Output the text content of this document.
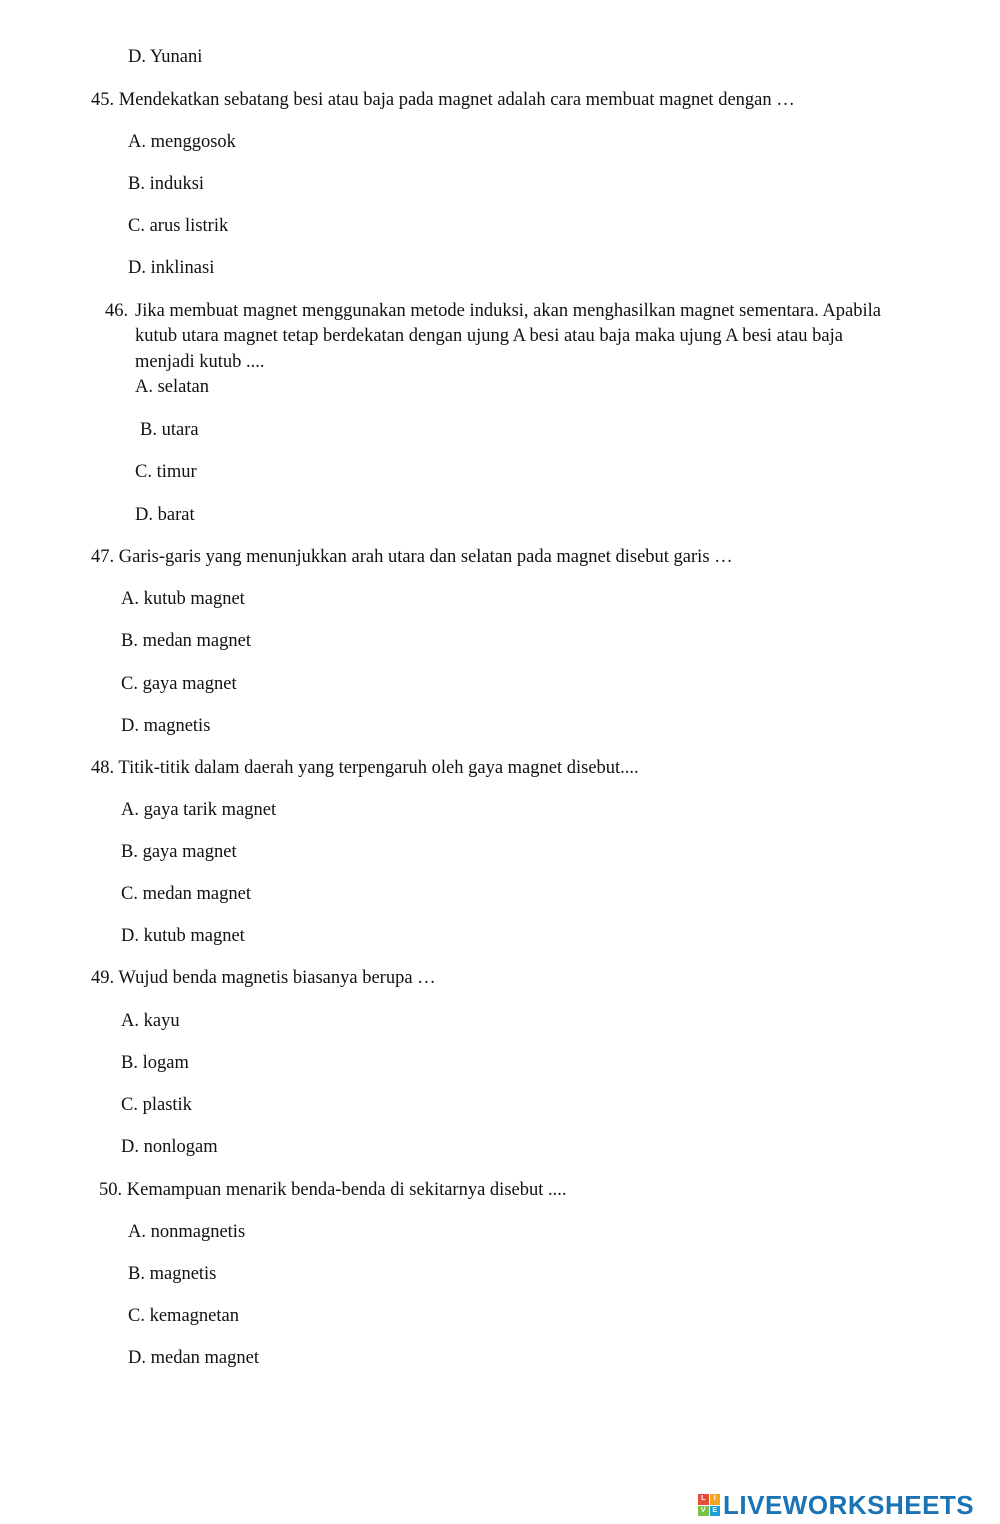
D. Yunani
45. Mendekatkan sebatang besi atau baja pada magnet adalah cara membuat magnet dengan …
A. menggosok
B. induksi
C. arus listrik
D. inklinasi
46. Jika membuat magnet menggunakan metode induksi, akan menghasilkan magnet sementara. Apabila
kutub utara magnet tetap berdekatan dengan ujung A besi atau baja maka ujung A besi atau baja
menjadi kutub ....
A. selatan
B. utara
C. timur
D. barat
47. Garis-garis yang menunjukkan arah utara dan selatan pada magnet disebut garis …
A. kutub magnet
B. medan magnet
C. gaya magnet
D. magnetis
48. Titik-titik dalam daerah yang terpengaruh oleh gaya magnet disebut....
A. gaya tarik magnet
B. gaya magnet
C. medan magnet
D. kutub magnet
49. Wujud benda magnetis biasanya berupa …
A. kayu
B. logam
C. plastik
D. nonlogam
50. Kemampuan menarik benda-benda di sekitarnya disebut ....
A. nonmagnetis
B. magnetis
C. kemagnetan
D. medan magnet
L	I
V E LIVEWORKSHEETS
